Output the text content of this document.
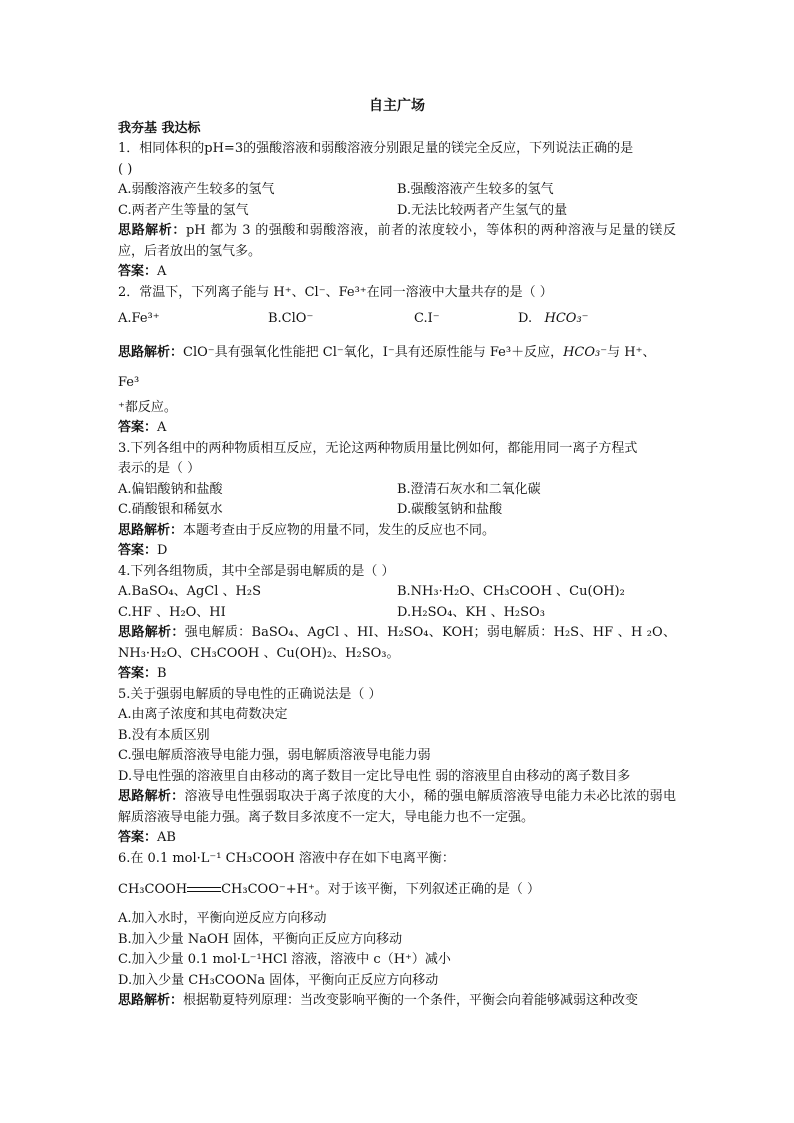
自主广场
我夯基 我达标
1．相同体积的pH=3的强酸溶液和弱酸溶液分别跟足量的镁完全反应，下列说法正确的是
( )
A.弱酸溶液产生较多的氢气	B.强酸溶液产生较多的氢气
C.两者产生等量的氢气	D.无法比较两者产生氢气的量
思路解析：pH 都为 3 的强酸和弱酸溶液，前者的浓度较小，等体积的两种溶液与足量的镁反应，后者放出的氢气多。
答案：A
2．常温下，下列离子能与 H⁺、Cl⁻、Fe³⁺在同一溶液中大量共存的是（ ）
A.Fe³⁺	B.ClO⁻	C.I⁻	D. HCO₃⁻
思路解析：ClO⁻具有强氧化性能把 Cl⁻氧化，I⁻具有还原性能与 Fe³＋反应，HCO₃⁻与 H⁺、Fe³
⁺都反应。
答案：A
3.下列各组中的两种物质相互反应，无论这两种物质用量比例如何，都能用同一离子方程式
表示的是（ ）
A.偏铝酸钠和盐酸	B.澄清石灰水和二氧化碳
C.硝酸银和稀氨水	D.碳酸氢钠和盐酸
思路解析：本题考查由于反应物的用量不同，发生的反应也不同。
答案：D
4.下列各组物质，其中全部是弱电解质的是（ ）
A.BaSO₄、AgCl 、H₂S	B.NH₃·H₂O、CH₃COOH 、Cu(OH)₂
C.HF 、H₂O、HI	D.H₂SO₄、KH 、H₂SO₃
思路解析：强电解质：BaSO₄、AgCl 、HI、H₂SO₄、KOH；弱电解质：H₂S、HF 、H ₂O、NH₃·H₂O、CH₃COOH 、Cu(OH)₂、H₂SO₃。
答案：B
5.关于强弱电解质的导电性的正确说法是（ ）
A.由离子浓度和其电荷数决定
B.没有本质区别
C.强电解质溶液导电能力强，弱电解质溶液导电能力弱
D.导电性强的溶液里自由移动的离子数目一定比导电性 弱的溶液里自由移动的离子数目多
思路解析：溶液导电性强弱取决于离子浓度的大小，稀的强电解质溶液导电能力未必比浓的弱电解质溶液导电能力强。离子数目多浓度不一定大，导电能力也不一定强。
答案：AB
6.在 0.1 mol·L⁻¹ CH₃COOH 溶液中存在如下电离平衡：
CH₃COOH	CH₃COO⁻+H⁺。对于该平衡，下列叙述正确的是（ ）
A.加入水时，平衡向逆反应方向移动
B.加入少量 NaOH 固体，平衡向正反应方向移动
C.加入少量 0.1 mol·L⁻¹HCl 溶液，溶液中 c（H⁺）减小
D.加入少量 CH₃COONa 固体，平衡向正反应方向移动
思路解析：根据勒夏特列原理：当改变影响平衡的一个条件，平衡会向着能够减弱这种改变
